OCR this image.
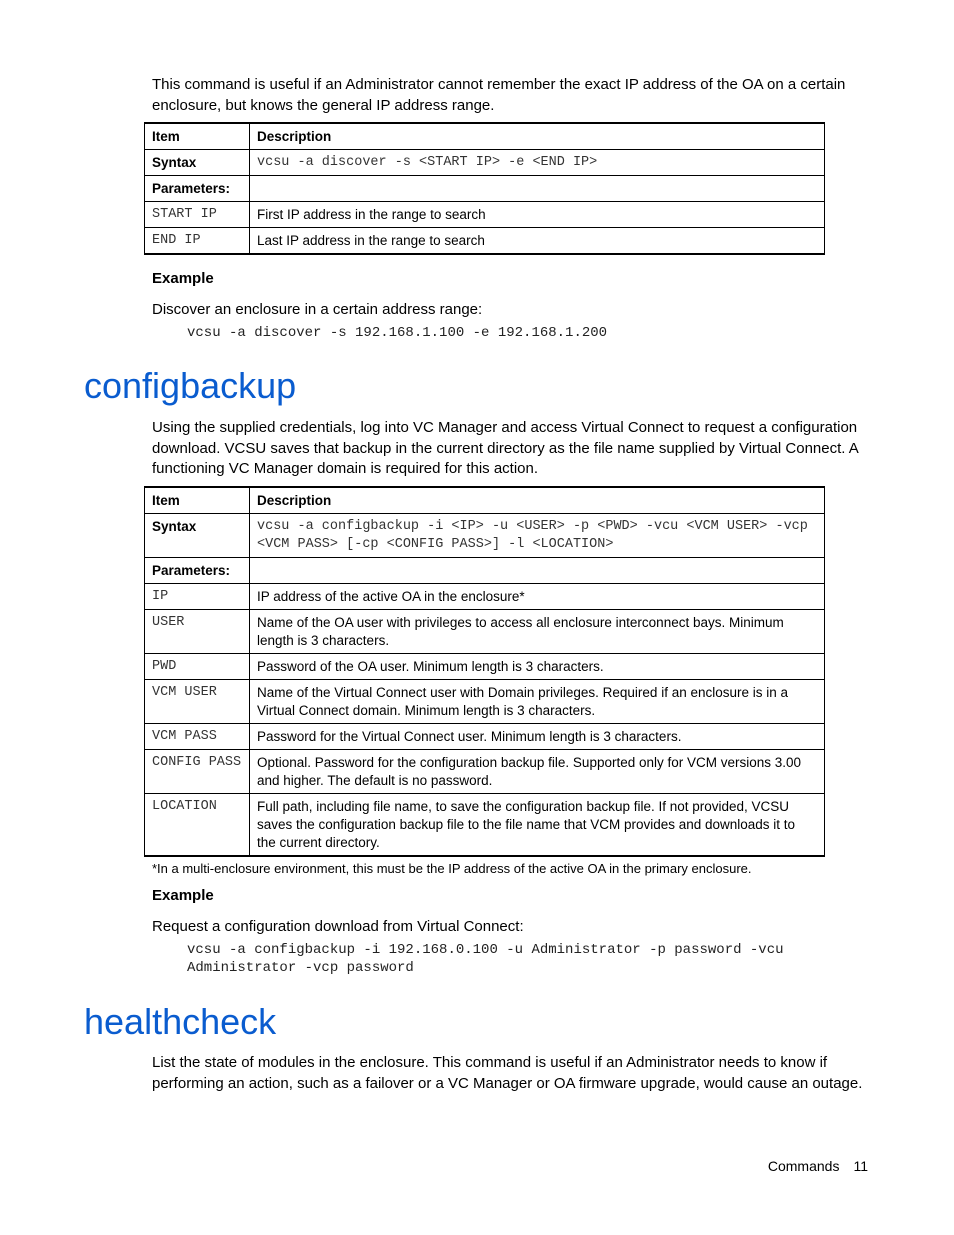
This command is useful if an Administrator cannot remember the exact IP address of the OA on a certain enclosure, but knows the general IP address range.

Item	Description
Syntax	vcsu -a discover -s <START IP> -e <END IP>
Parameters:	
START IP	First IP address in the range to search
END IP	Last IP address in the range to search

Example

Discover an enclosure in a certain address range:

vcsu -a discover -s 192.168.1.100 -e 192.168.1.200

configbackup

Using the supplied credentials, log into VC Manager and access Virtual Connect to request a configuration download. VCSU saves that backup in the current directory as the file name supplied by Virtual Connect. A functioning VC Manager domain is required for this action.

Item	Description
Syntax	vcsu -a configbackup -i <IP> -u <USER> -p <PWD> -vcu <VCM USER> -vcp <VCM PASS> [-cp <CONFIG PASS>] -l <LOCATION>
Parameters:	
IP	IP address of the active OA in the enclosure*
USER	Name of the OA user with privileges to access all enclosure interconnect bays. Minimum length is 3 characters.
PWD	Password of the OA user. Minimum length is 3 characters.
VCM USER	Name of the Virtual Connect user with Domain privileges. Required if an enclosure is in a Virtual Connect domain. Minimum length is 3 characters.
VCM PASS	Password for the Virtual Connect user. Minimum length is 3 characters.
CONFIG PASS	Optional. Password for the configuration backup file. Supported only for VCM versions 3.00 and higher. The default is no password.
LOCATION	Full path, including file name, to save the configuration backup file. If not provided, VCSU saves the configuration backup file to the file name that VCM provides and downloads it to the current directory.

*In a multi-enclosure environment, this must be the IP address of the active OA in the primary enclosure.

Example

Request a configuration download from Virtual Connect:

vcsu -a configbackup -i 192.168.0.100 -u Administrator -p password -vcu

Administrator -vcp password

healthcheck

List the state of modules in the enclosure. This command is useful if an Administrator needs to know if performing an action, such as a failover or a VC Manager or OA firmware upgrade, would cause an outage.

Commands 11
